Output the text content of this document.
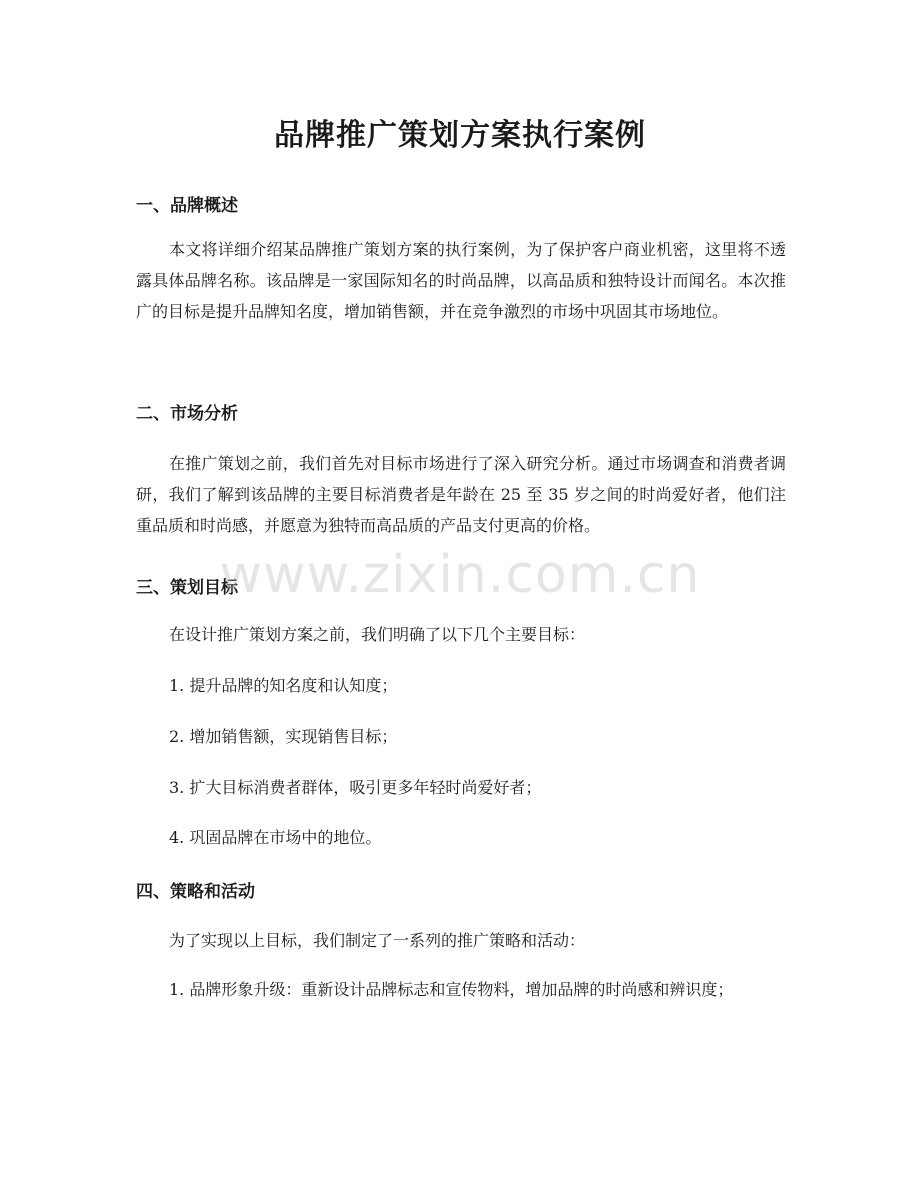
品牌推广策划方案执行案例
一、品牌概述

本文将详细介绍某品牌推广策划方案的执行案例，为了保护客户商业机密，这里将不透露具体品牌名称。该品牌是一家国际知名的时尚品牌，以高品质和独特设计而闻名。本次推广的目标是提升品牌知名度，增加销售额，并在竞争激烈的市场中巩固其市场地位。

二、市场分析

在推广策划之前，我们首先对目标市场进行了深入研究分析。通过市场调查和消费者调研，我们了解到该品牌的主要目标消费者是年龄在 25 至 35 岁之间的时尚爱好者，他们注重品质和时尚感，并愿意为独特而高品质的产品支付更高的价格。

三、策划目标

在设计推广策划方案之前，我们明确了以下几个主要目标：

1. 提升品牌的知名度和认知度；

2. 增加销售额，实现销售目标；

3. 扩大目标消费者群体，吸引更多年轻时尚爱好者；

4. 巩固品牌在市场中的地位。

四、策略和活动

为了实现以上目标，我们制定了一系列的推广策略和活动：

1. 品牌形象升级：重新设计品牌标志和宣传物料，增加品牌的时尚感和辨识度；

www.zixin.com.cn
